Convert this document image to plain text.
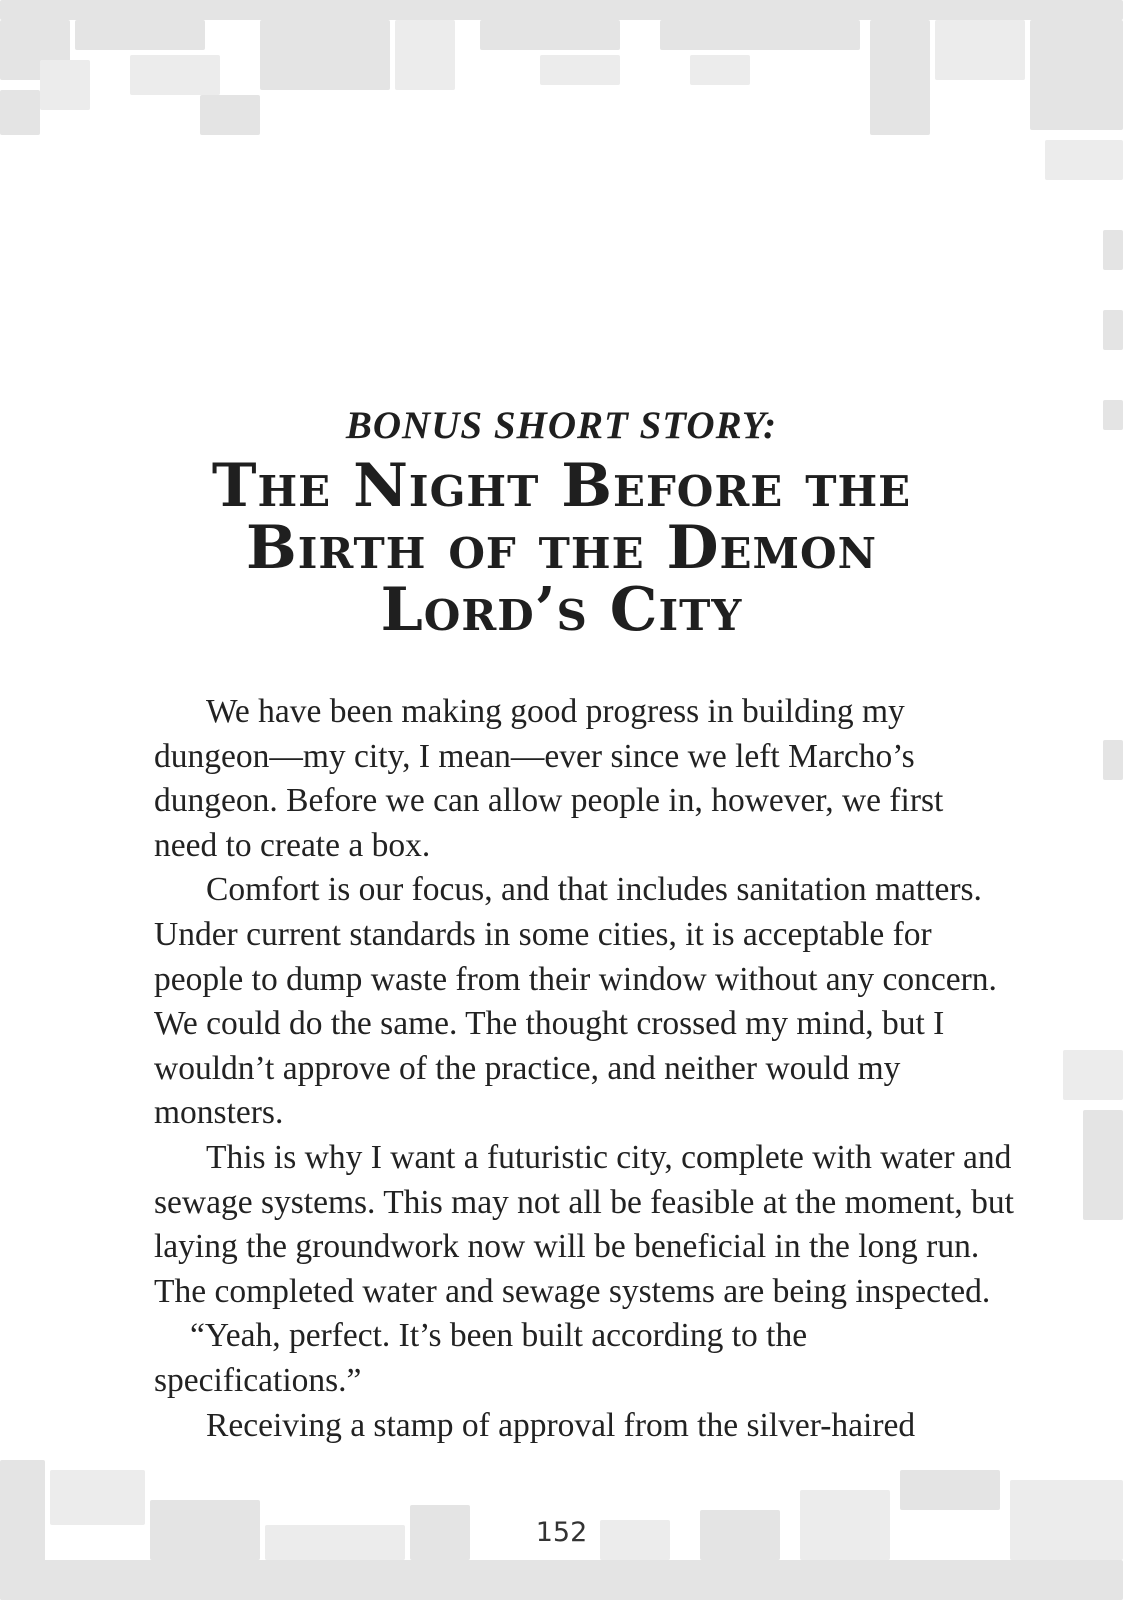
BONUS SHORT STORY:
The Night Before the
Birth of the Demon
Lord’s City

We have been making good progress in building my dungeon—my city, I mean—ever since we left Marcho’s dungeon. Before we can allow people in, however, we first need to create a box.

Comfort is our focus, and that includes sanitation matters. Under current standards in some cities, it is acceptable for people to dump waste from their window without any concern. We could do the same. The thought crossed my mind, but I wouldn’t approve of the practice, and neither would my monsters.

This is why I want a futuristic city, complete with water and sewage systems. This may not all be feasible at the moment, but laying the groundwork now will be beneficial in the long run. The completed water and sewage systems are being inspected.

“Yeah, perfect. It’s been built according to the specifications.”

Receiving a stamp of approval from the silver-haired

152
